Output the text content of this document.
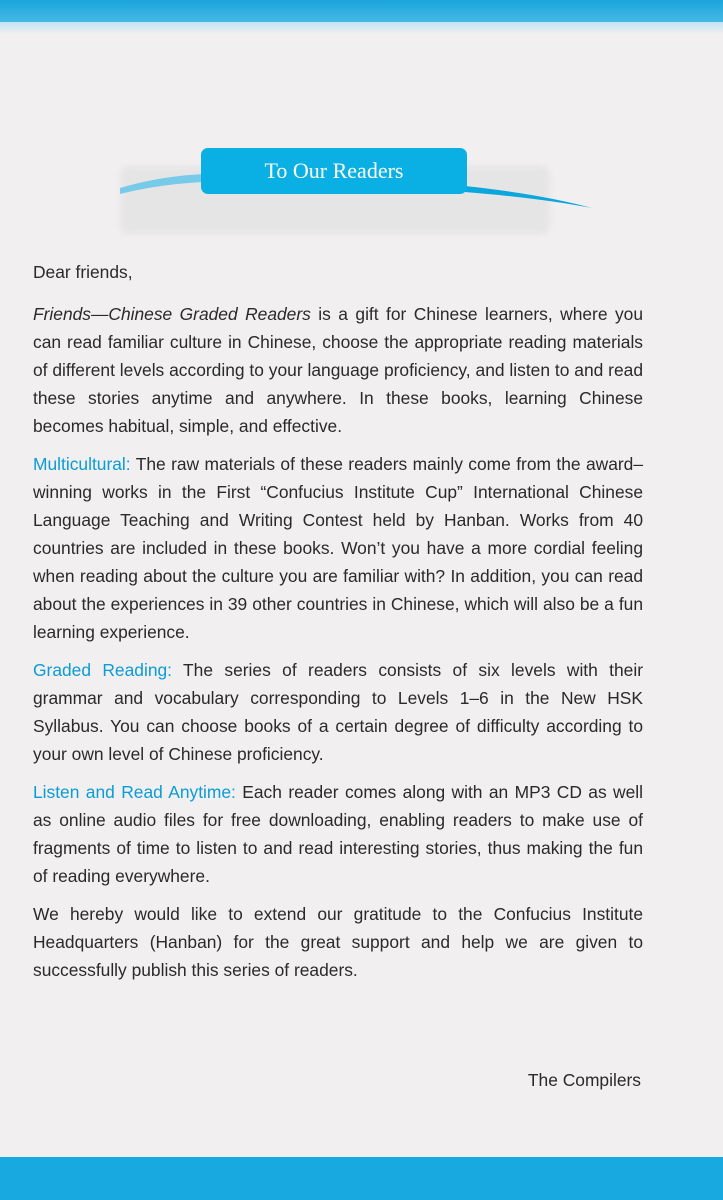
To Our Readers

Dear friends,

Friends—Chinese Graded Readers is a gift for Chinese learners, where you can read familiar culture in Chinese, choose the appropriate reading materials of different levels according to your language proficiency, and listen to and read these stories anytime and anywhere. In these books, learning Chinese becomes habitual, simple, and effective.

Multicultural: The raw materials of these readers mainly come from the award–winning works in the First “Confucius Institute Cup” International Chinese Language Teaching and Writing Contest held by Hanban. Works from 40 countries are included in these books. Won’t you have a more cordial feeling when reading about the culture you are familiar with? In addition, you can read about the experiences in 39 other countries in Chinese, which will also be a fun learning experience.

Graded Reading: The series of readers consists of six levels with their grammar and vocabulary corresponding to Levels 1–6 in the New HSK Syllabus. You can choose books of a certain degree of difficulty according to your own level of Chinese proficiency.

Listen and Read Anytime: Each reader comes along with an MP3 CD as well as online audio files for free downloading, enabling readers to make use of fragments of time to listen to and read interesting stories, thus making the fun of reading everywhere.

We hereby would like to extend our gratitude to the Confucius Institute Headquarters (Hanban) for the great support and help we are given to successfully publish this series of readers.

The Compilers
